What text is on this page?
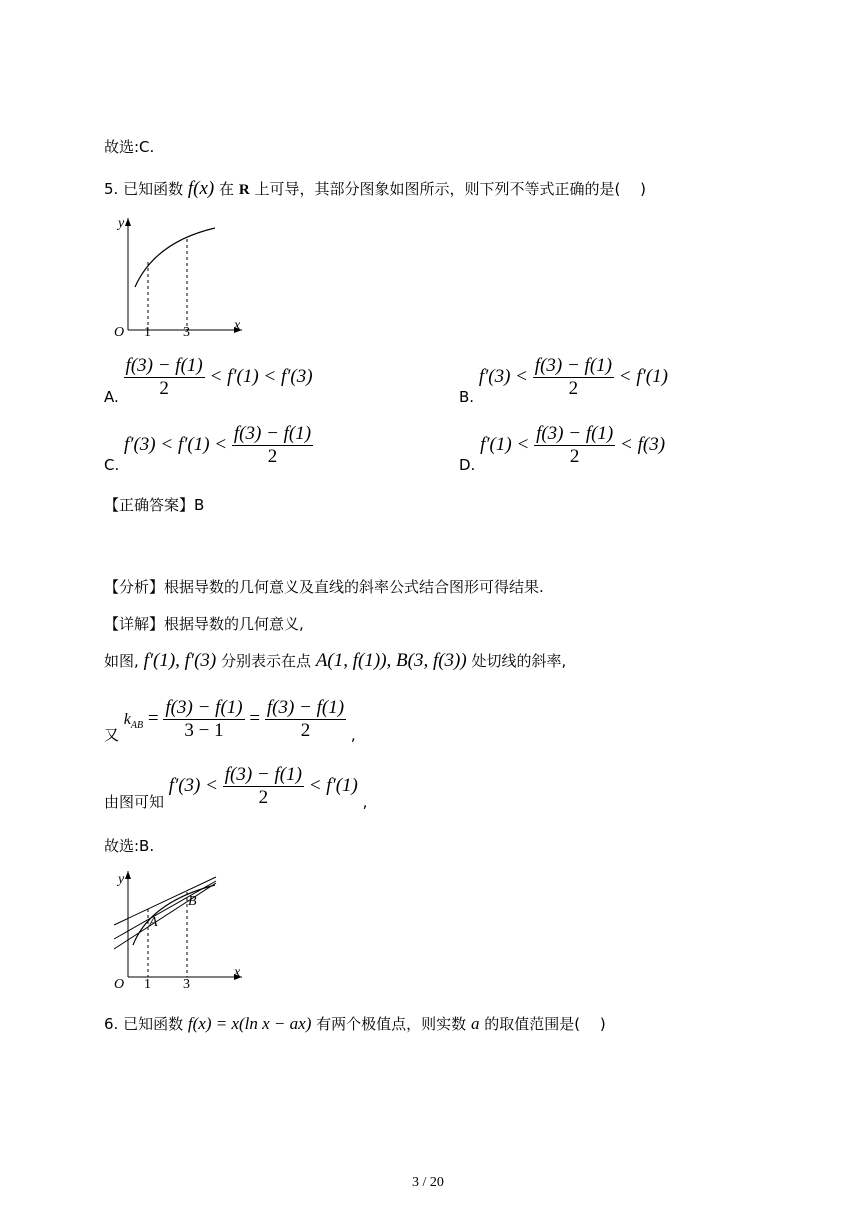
故选:C.
5. 已知函数 f(x) 在 R 上可导，其部分图象如图所示，则下列不等式正确的是(　 )
y
x
O 1 3
A. $\frac{f(3) - f(1)}{2} < f'(1) < f'(3)$
B. $f'(3) < \frac{f(3) - f(1)}{2} < f'(1)$
C. $f'(3) < f'(1) < \frac{f(3) - f(1)}{2}$	D. $f'(1) < \frac{f(3) - f(1)}{2} < f(3)$
【正确答案】B
【分析】根据导数的几何意义及直线的斜率公式结合图形可得结果.
【详解】根据导数的几何意义,
如图, f′(1), f′(3) 分别表示在点 A(1, f(1)), B(3, f(3)) 处切线的斜率,
又 $k_{AB} = \frac{f(3) - f(1)}{3 - 1} = \frac{f(3) - f(1)}{2}$ ,
由图可知 $f'(3) < \frac{f(3) - f(1)}{2} < f'(1)$ ,
故选:B.
y
x
O 1 3
A
B
6. 已知函数 f(x) = x(ln x − ax) 有两个极值点，则实数 a 的取值范围是(　 )
3 / 20
